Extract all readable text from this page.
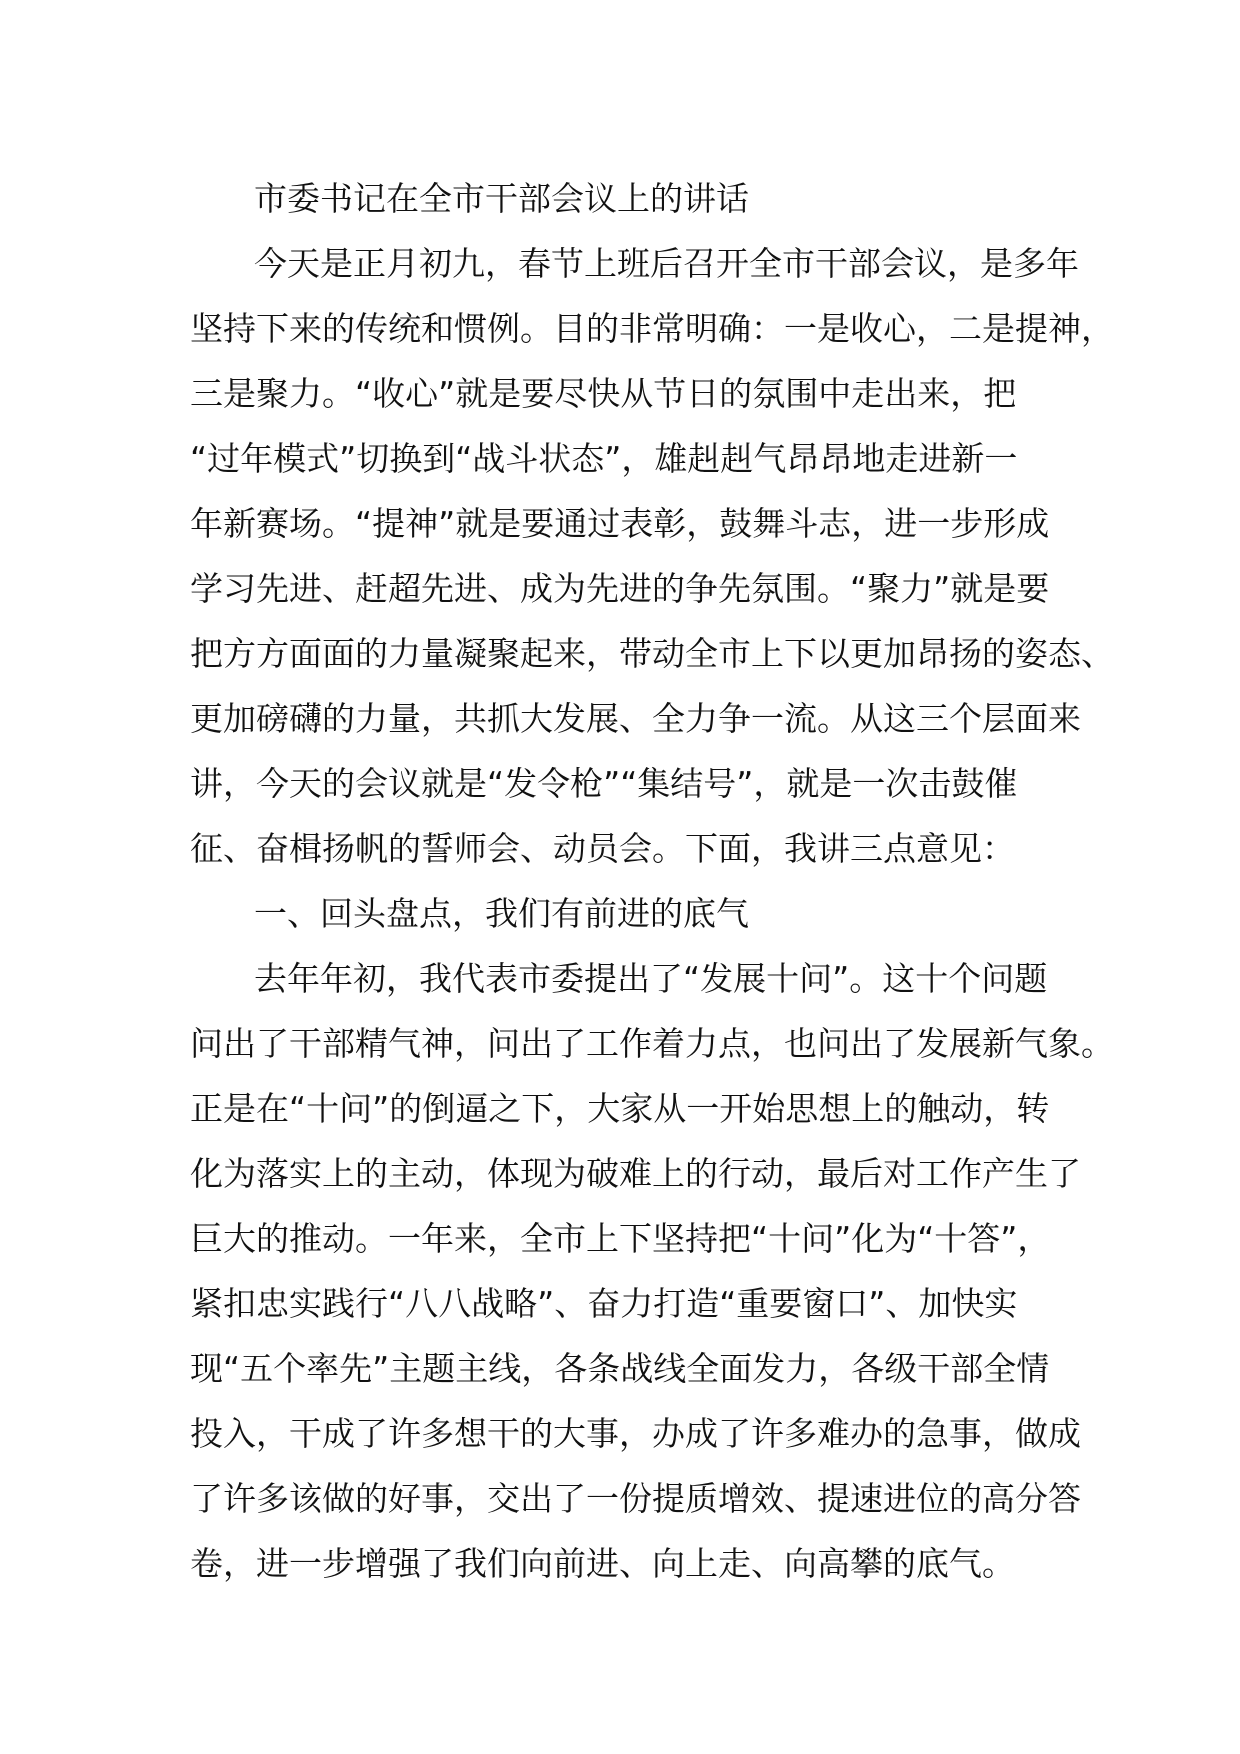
市委书记在全市干部会议上的讲话
今天是正月初九，春节上班后召开全市干部会议，是多年
坚持下来的传统和惯例。目的非常明确：一是收心，二是提神，
三是聚力。“收心”就是要尽快从节日的氛围中走出来，把
“过年模式”切换到“战斗状态”，雄赳赳气昂昂地走进新一
年新赛场。“提神”就是要通过表彰，鼓舞斗志，进一步形成
学习先进、赶超先进、成为先进的争先氛围。“聚力”就是要
把方方面面的力量凝聚起来，带动全市上下以更加昂扬的姿态、
更加磅礴的力量，共抓大发展、全力争一流。从这三个层面来
讲，今天的会议就是“发令枪”“集结号”，就是一次击鼓催
征、奋楫扬帆的誓师会、动员会。下面，我讲三点意见：
一、回头盘点，我们有前进的底气
去年年初，我代表市委提出了“发展十问”。这十个问题
问出了干部精气神，问出了工作着力点，也问出了发展新气象。
正是在“十问”的倒逼之下，大家从一开始思想上的触动，转
化为落实上的主动，体现为破难上的行动，最后对工作产生了
巨大的推动。一年来，全市上下坚持把“十问”化为“十答”，
紧扣忠实践行“八八战略”、奋力打造“重要窗口”、加快实
现“五个率先”主题主线，各条战线全面发力，各级干部全情
投入，干成了许多想干的大事，办成了许多难办的急事，做成
了许多该做的好事，交出了一份提质增效、提速进位的高分答
卷，进一步增强了我们向前进、向上走、向高攀的底气。
